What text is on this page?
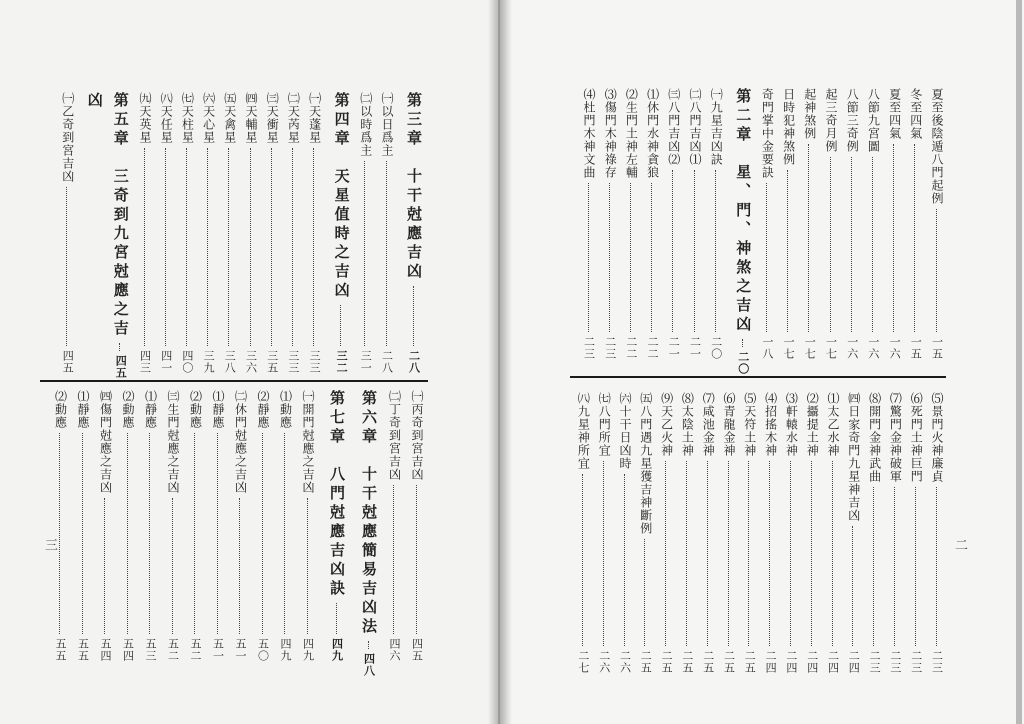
第三章　十干尅應吉凶
二八
㈠以日爲主
二八
㈡以時爲主
三一
第四章　天星值時之吉凶
三二
㈠天蓬星
三三
㈡天芮星
三三
㈢天衝星
三五
㈣天輔星
三六
㈤天禽星
三八
㈥天心星
三九
㈦天柱星
四〇
㈧天任星
四一
㈨天英星
四三
第五章　三奇到九宮尅應之吉
四五
凶
㈠乙奇到宮吉凶
四五
㈠丙奇到宮吉凶
四五
㈡丁奇到宮吉凶
四六
第六章　十干尅應簡易吉凶法
四八
第七章　八門尅應吉凶訣
四九
㈠開門尅應之吉凶
四九
⑴動應
四九
⑵靜應
五〇
㈡休門尅應之吉凶
五一
⑴靜應
五一
⑵動應
五二
㈢生門尅應之吉凶
五二
⑴靜應
五三
⑵動應
五四
㈣傷門尅應之吉凶
五四
⑴靜應
五五
⑵動應
五五
三
夏至後陰遁八門起例
一五
冬至四氣
一五
夏至四氣
一六
八節九宮圖
一六
八節三奇例
一六
起三奇月例
一七
起神煞例
一七
日時犯神煞例
一七
奇門掌中金要訣
一八
第二章　星、門、神煞之吉凶
二〇
㈠九星吉凶訣
二〇
㈡八門吉凶⑴
二一
㈢八門吉凶⑵
二一
⑴休門水神貪狼
二二
⑵生門土神左輔
二二
⑶傷門木神祿存
二三
⑷杜門木神文曲
二三
⑸景門火神廉貞
二三
⑹死門土神巨門
二三
⑺驚門金神破軍
二三
⑻開門金神武曲
二三
㈣日家奇門九星神吉凶
二四
⑴太乙水神
二四
⑵攝提土神
二四
⑶軒轅水神
二四
⑷招搖木神
二四
⑸天符土神
二五
⑹青龍金神
二五
⑺咸池金神
二五
⑻太陰土神
二五
⑼天乙火神
二五
㈤八門遇九星獲吉神斷例
二五
㈥十干日凶時
二六
㈦八門所宜
二六
㈧九星神所宜
二七
二
